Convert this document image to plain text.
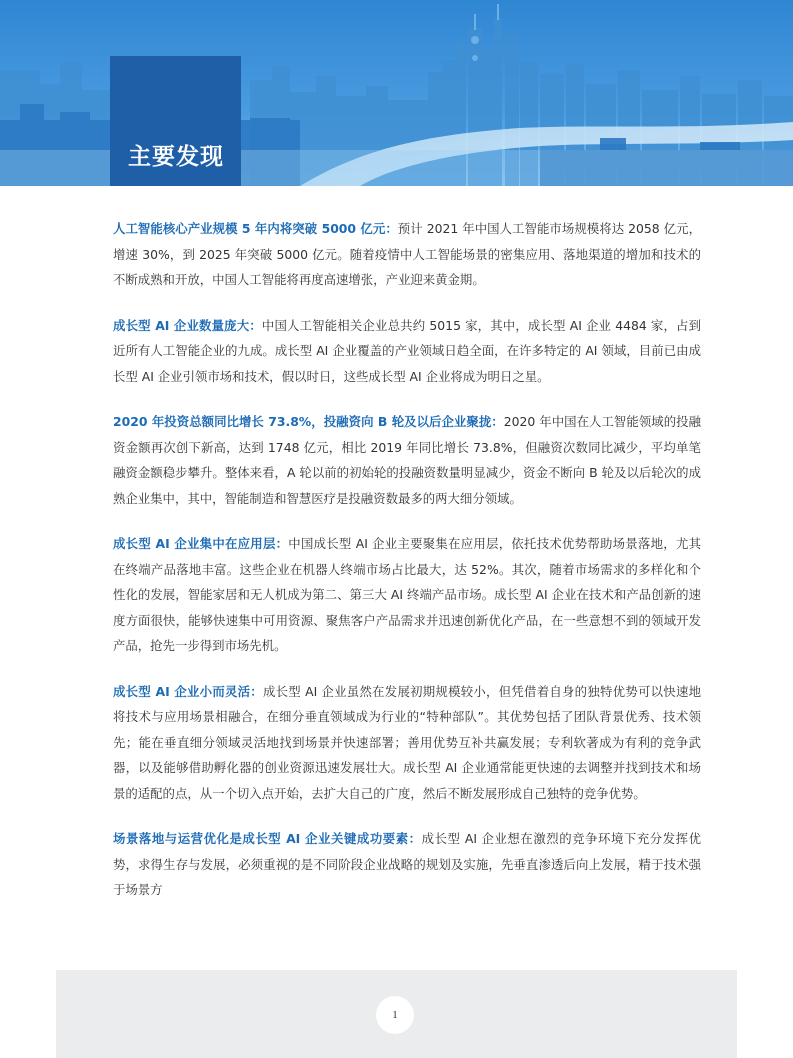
主要发现

人工智能核心产业规模 5 年内将突破 5000 亿元：预计 2021 年中国人工智能市场规模将达 2058 亿元，增速 30%，到 2025 年突破 5000 亿元。随着疫情中人工智能场景的密集应用、落地渠道的增加和技术的不断成熟和开放，中国人工智能将再度高速增张，产业迎来黄金期。

成长型 AI 企业数量庞大：中国人工智能相关企业总共约 5015 家，其中，成长型 AI 企业 4484 家，占到近所有人工智能企业的九成。成长型 AI 企业覆盖的产业领域日趋全面，在许多特定的 AI 领域，目前已由成长型 AI 企业引领市场和技术，假以时日，这些成长型 AI 企业将成为明日之星。

2020 年投资总额同比增长 73.8%，投融资向 B 轮及以后企业聚拢：2020 年中国在人工智能领域的投融资金额再次创下新高，达到 1748 亿元，相比 2019 年同比增长 73.8%，但融资次数同比减少，平均单笔融资金额稳步攀升。整体来看，A 轮以前的初始轮的投融资数量明显减少，资金不断向 B 轮及以后轮次的成熟企业集中，其中，智能制造和智慧医疗是投融资数最多的两大细分领域。

成长型 AI 企业集中在应用层：中国成长型 AI 企业主要聚集在应用层，依托技术优势帮助场景落地，尤其在终端产品落地丰富。这些企业在机器人终端市场占比最大，达 52%。其次，随着市场需求的多样化和个性化的发展，智能家居和无人机成为第二、第三大 AI 终端产品市场。成长型 AI 企业在技术和产品创新的速度方面很快，能够快速集中可用资源、聚焦客户产品需求并迅速创新优化产品，在一些意想不到的领域开发产品，抢先一步得到市场先机。

成长型 AI 企业小而灵活：成长型 AI 企业虽然在发展初期规模较小，但凭借着自身的独特优势可以快速地将技术与应用场景相融合，在细分垂直领域成为行业的“特种部队”。其优势包括了团队背景优秀、技术领先；能在垂直细分领域灵活地找到场景并快速部署；善用优势互补共赢发展；专利软著成为有利的竞争武器，以及能够借助孵化器的创业资源迅速发展壮大。成长型 AI 企业通常能更快速的去调整并找到技术和场景的适配的点，从一个切入点开始，去扩大自己的广度，然后不断发展形成自己独特的竞争优势。

场景落地与运营优化是成长型 AI 企业关键成功要素：成长型 AI 企业想在激烈的竞争环境下充分发挥优势，求得生存与发展，必须重视的是不同阶段企业战略的规划及实施，先垂直渗透后向上发展，精于技术强于场景方

1
